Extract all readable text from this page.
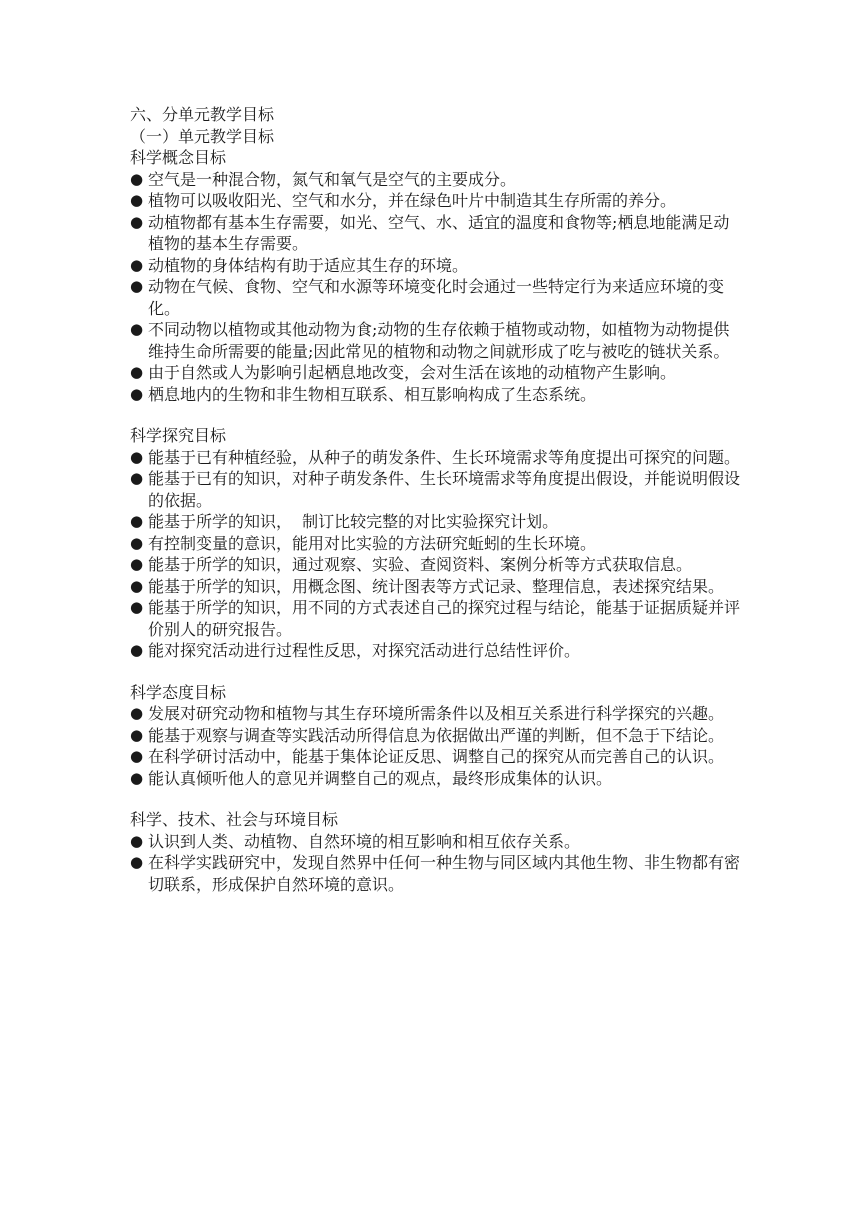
六、分单元教学目标

（一）单元教学目标

科学概念目标

● 空气是一种混合物，氮气和氧气是空气的主要成分。

● 植物可以吸收阳光、空气和水分，并在绿色叶片中制造其生存所需的养分。

● 动植物都有基本生存需要，如光、空气、水、适宜的温度和食物等;栖息地能满足动植物的基本生存需要。

● 动植物的身体结构有助于适应其生存的环境。

● 动物在气候、食物、空气和水源等环境变化时会通过一些特定行为来适应环境的变化。

● 不同动物以植物或其他动物为食;动物的生存依赖于植物或动物，如植物为动物提供维持生命所需要的能量;因此常见的植物和动物之间就形成了吃与被吃的链状关系。

● 由于自然或人为影响引起栖息地改变，会对生活在该地的动植物产生影响。

● 栖息地内的生物和非生物相互联系、相互影响构成了生态系统。

科学探究目标

● 能基于已有种植经验，从种子的萌发条件、生长环境需求等角度提出可探究的问题。

● 能基于已有的知识，对种子萌发条件、生长环境需求等角度提出假设，并能说明假设的依据。

● 能基于所学的知识，  制订比较完整的对比实验探究计划。

● 有控制变量的意识，能用对比实验的方法研究蚯蚓的生长环境。

● 能基于所学的知识，通过观察、实验、查阅资料、案例分析等方式获取信息。

● 能基于所学的知识，用概念图、统计图表等方式记录、整理信息，表述探究结果。

● 能基于所学的知识，用不同的方式表述自己的探究过程与结论，能基于证据质疑并评价别人的研究报告。

● 能对探究活动进行过程性反思，对探究活动进行总结性评价。

科学态度目标

● 发展对研究动物和植物与其生存环境所需条件以及相互关系进行科学探究的兴趣。

● 能基于观察与调查等实践活动所得信息为依据做出严谨的判断，但不急于下结论。

● 在科学研讨活动中，能基于集体论证反思、调整自己的探究从而完善自己的认识。

● 能认真倾听他人的意见并调整自己的观点，最终形成集体的认识。

科学、技术、社会与环境目标

● 认识到人类、动植物、自然环境的相互影响和相互依存关系。

● 在科学实践研究中，发现自然界中任何一种生物与同区域内其他生物、非生物都有密切联系，形成保护自然环境的意识。
